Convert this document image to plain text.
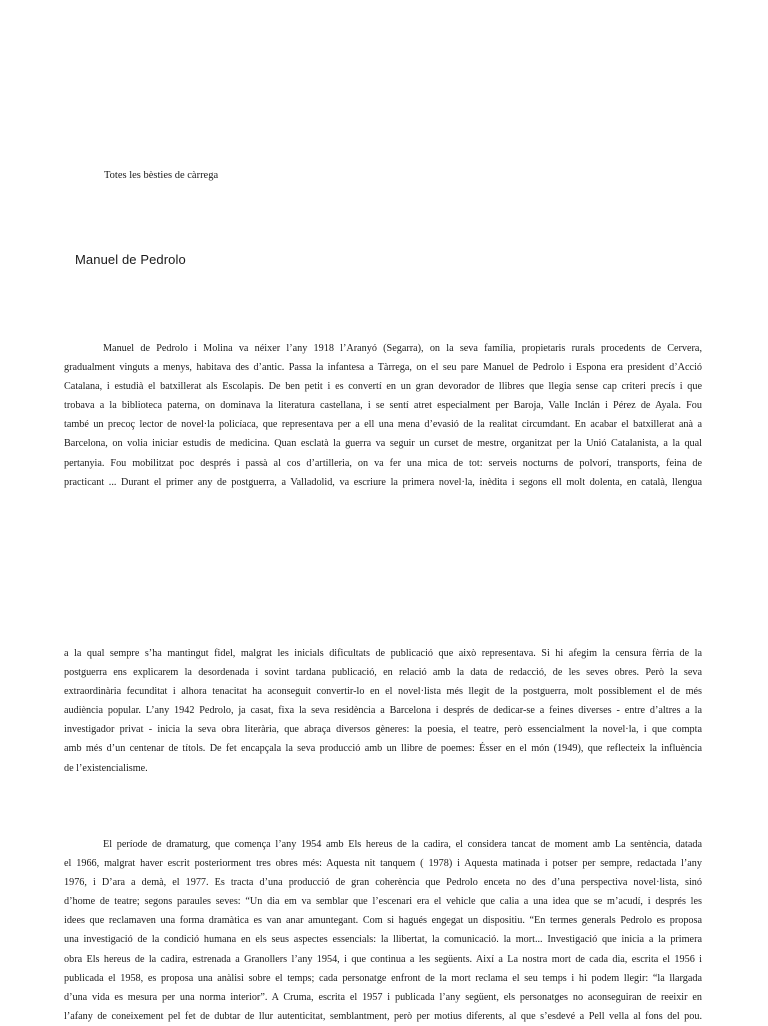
Totes les bèsties de càrrega
Manuel de Pedrolo

Manuel de Pedrolo i Molina va néixer l’any 1918 l’Aranyó (Segarra), on la seva família, propietaris rurals procedents de Cervera,
gradualment vinguts a menys, habitava des d’antic. Passa la infantesa a Tàrrega, on el seu pare Manuel de Pedrolo i Espona era president d’Acció
Catalana, i estudià el batxillerat als Escolapis. De ben petit i es convertí en un gran devorador de llibres que llegia sense cap criteri precís i que
trobava a la biblioteca paterna, on dominava la literatura castellana, i se sentí atret especialment per Baroja, Valle Inclán i Pérez de Ayala. Fou
també un precoç lector de novel·la policíaca, que representava per a ell una mena d’evasió de la realitat circumdant. En acabar el batxillerat anà a
Barcelona, on volia iniciar estudis de medicina. Quan esclatà la guerra va seguir un curset de mestre, organitzat per la Unió Catalanista, a la qual
pertanyia. Fou mobilitzat poc després i passà al cos d’artilleria, on va fer una mica de tot: serveis nocturns de polvorí, transports, feina de
practicant ... Durant el primer any de postguerra, a Valladolid, va escriure la primera novel·la, inèdita i segons ell molt dolenta, en català, llengua

a la qual sempre s’ha mantingut fidel, malgrat les inicials dificultats de publicació que això representava. Si hi afegim la censura fèrria de la
postguerra ens explicarem la desordenada i sovint tardana publicació, en relació amb la data de redacció, de les seves obres. Però la seva
extraordinària fecunditat i alhora tenacitat ha aconseguit convertir-lo en el novel·lista més llegit de la postguerra, molt possiblement el de més
audiència popular. L’any 1942 Pedrolo, ja casat, fixa la seva residència a Barcelona i després de dedicar-se a feines diverses - entre d’altres a la
investigador privat - inicia la seva obra literària, que abraça diversos gèneres: la poesia, el teatre, però essencialment la novel·la, i que compta
amb més d’un centenar de títols. De fet encapçala la seva producció amb un llibre de poemes: Ésser en el món (1949), que reflecteix la influència
de l’existencialisme.

El període de dramaturg, que comença l’any 1954 amb Els hereus de la cadira, el considera tancat de moment amb La sentència, datada
el 1966, malgrat haver escrit posteriorment tres obres més: Aquesta nit tanquem ( 1978) i Aquesta matinada i potser per sempre, redactada l’any
1976, i D’ara a demà, el 1977. Es tracta d’una producció de gran coherència que Pedrolo enceta no des d’una perspectiva novel·lista, sinó
d’home de teatre; segons paraules seves: “Un dia em va semblar que l’escenari era el vehicle que calia a una idea que se m’acudí, i després les
idees que reclamaven una forma dramàtica es van anar amuntegant. Com si hagués engegat un dispositiu. “En termes generals Pedrolo es proposa
una investigació de la condició humana en els seus aspectes essencials: la llibertat, la comunicació. la mort... Investigació que inicia a la primera
obra Els hereus de la cadira, estrenada a Granollers l’any 1954, i que continua a les següents. Així a La nostra mort de cada dia, escrita el 1956 i
publicada el 1958, es proposa una anàlisi sobre el temps; cada personatge enfront de la mort reclama el seu temps i hi podem llegir: “la llargada
d’una vida es mesura per una norma interior”. A Cruma, escrita el 1957 i publicada l’any següent, els personatges no aconseguiran de reeixir en
l’afany de coneixement pel fet de dubtar de llur autenticitat, semblantment, però per motius diferents, al que s’esdevé a Pell vella al fons del pou.
